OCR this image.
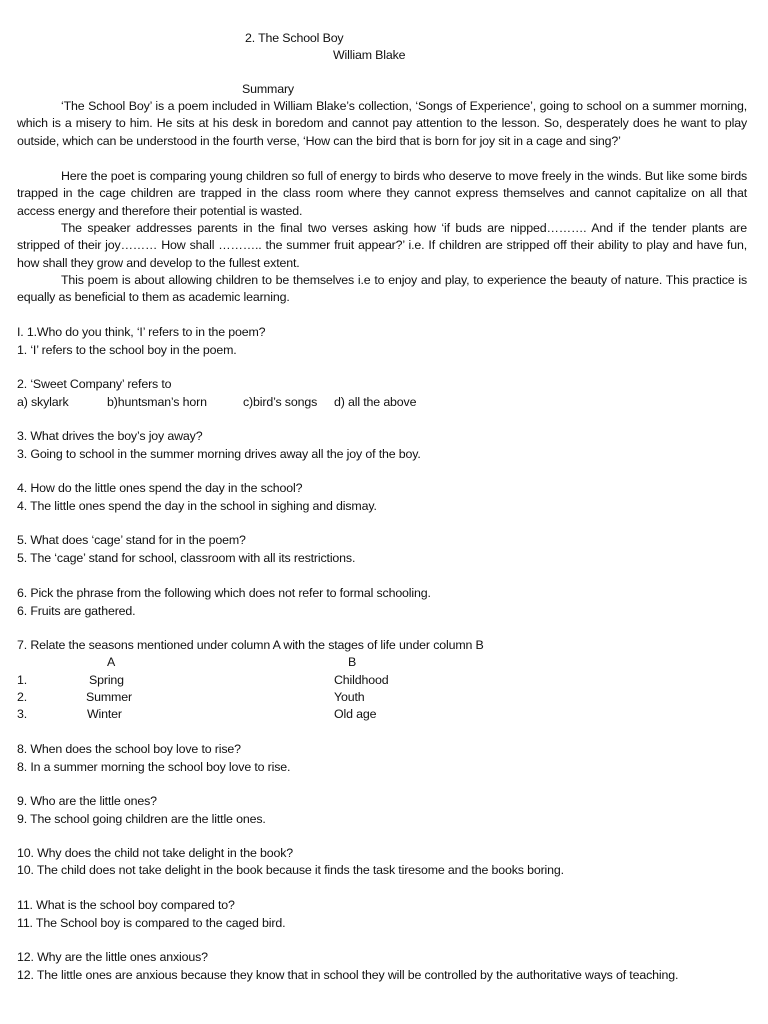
2. The School Boy
William Blake
Summary
‘The School Boy’ is a poem included in William Blake’s collection, ‘Songs of Experience’, going to school on a summer morning, which is a misery to him. He sits at his desk in boredom and cannot pay attention to the lesson. So, desperately does he want to play outside, which can be understood in the fourth verse, ‘How can the bird that is born for joy sit in a cage and sing?’
Here the poet is comparing young children so full of energy to birds who deserve to move freely in the winds. But like some birds trapped in the cage children are trapped in the class room where they cannot express themselves and cannot capitalize on all that access energy and therefore their potential is wasted.
The speaker addresses parents in the final two verses asking how ‘if buds are nipped………. And if the tender plants are stripped of their joy……… How shall ……….. the summer fruit appear?’ i.e. If children are stripped off their ability to play and have fun, how shall they grow and develop to the fullest extent.
This poem is about allowing children to be themselves i.e to enjoy and play, to experience the beauty of nature. This practice is equally as beneficial to them as academic learning.
I. 1.Who do you think, ‘I’ refers to in the poem?
1. ‘I’ refers to the school boy in the poem.
2. ‘Sweet Company’ refers to
a) skylark	b)huntsman’s horn	c)bird’s songs d) all the above
3. What drives the boy’s joy away?
3. Going to school in the summer morning drives away all the joy of the boy.
4. How do the little ones spend the day in the school?
4. The little ones spend the day in the school in sighing and dismay.
5. What does ‘cage’ stand for in the poem?
5. The ‘cage’ stand for school, classroom with all its restrictions.
6. Pick the phrase from the following which does not refer to formal schooling.
6. Fruits are gathered.
7. Relate the seasons mentioned under column A with the stages of life under column B
A	B
1.	Spring	Childhood
2.	Summer	Youth
3.	Winter	Old age
8. When does the school boy love to rise?
8. In a summer morning the school boy love to rise.
9. Who are the little ones?
9. The school going children are the little ones.
10. Why does the child not take delight in the book?
10. The child does not take delight in the book because it finds the task tiresome and the books boring.
11. What is the school boy compared to?
11. The School boy is compared to the caged bird.
12. Why are the little ones anxious?
12. The little ones are anxious because they know that in school they will be controlled by the authoritative ways of teaching.
